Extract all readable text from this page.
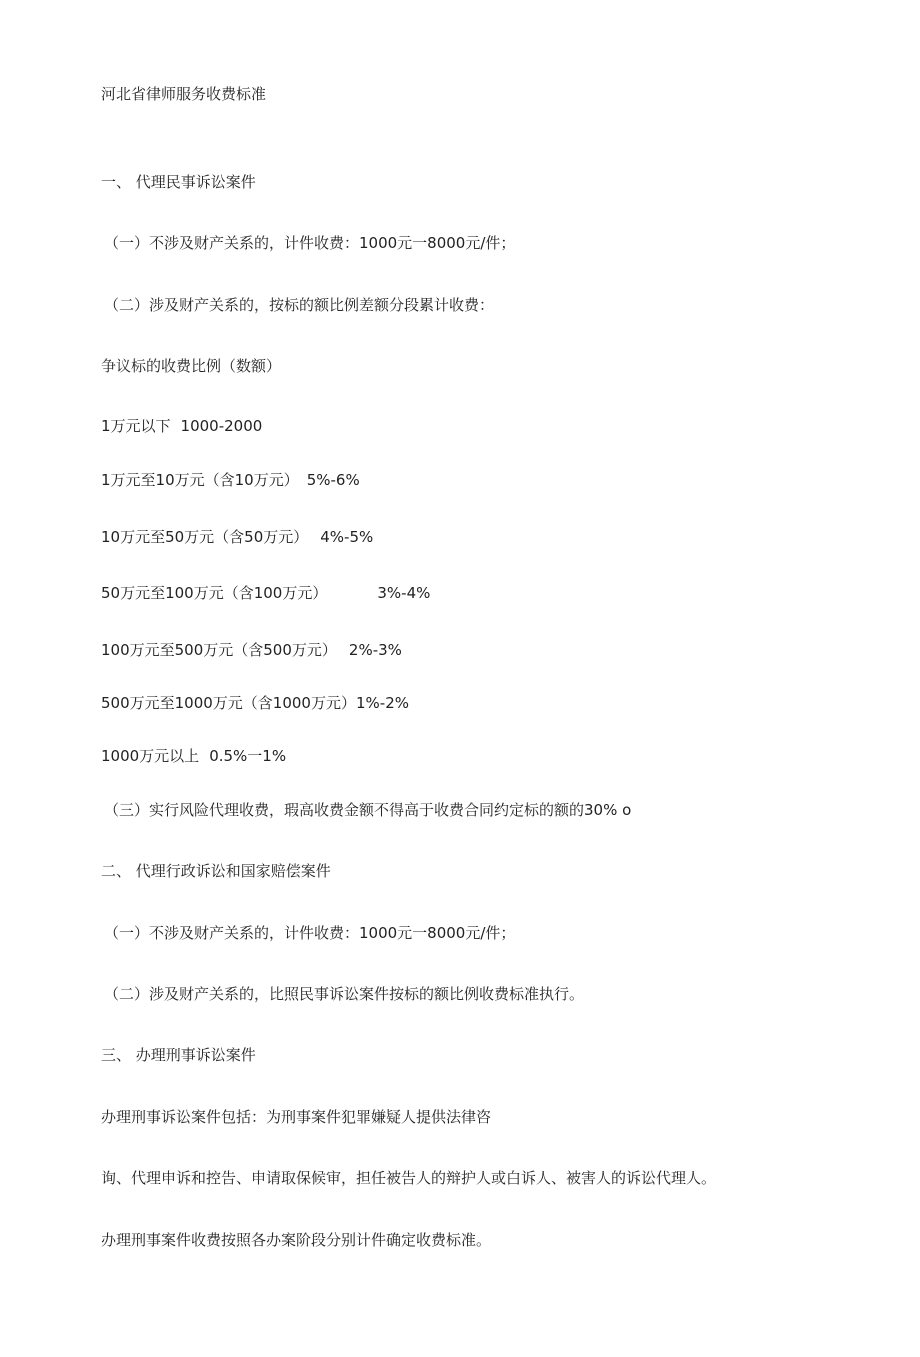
河北省律师服务收费标准
一、 代理民事诉讼案件
（一）不涉及财产关系的，计件收费：1000元一8000元/件；
（二）涉及财产关系的，按标的额比例差额分段累计收费：
争议标的收费比例（数额）
1万元以下 1000-2000
1万元至10万元（含10万元） 5%-6%
10万元至50万元（含50万元） 4%-5%
50万元至100万元（含100万元）	3%-4%
100万元至500万元（含500万元） 2%-3%
500万元至1000万元（含1000万元）1%-2%
1000万元以上 0.5%一1%
（三）实行风险代理收费，瑕高收费金额不得高于收费合同约定标的额的30% o
二、 代理行政诉讼和国家赔偿案件
（一）不涉及财产关系的，计件收费：1000元一8000元/件；
（二）涉及财产关系的，比照民事诉讼案件按标的额比例收费标准执行。
三、 办理刑事诉讼案件
办理刑事诉讼案件包括：为刑事案件犯罪嫌疑人提供法律咨
询、代理申诉和控告、申请取保候审，担任被告人的辩护人或白诉人、被害人的诉讼代理人。
办理刑事案件收费按照各办案阶段分别计件确定收费标准。
